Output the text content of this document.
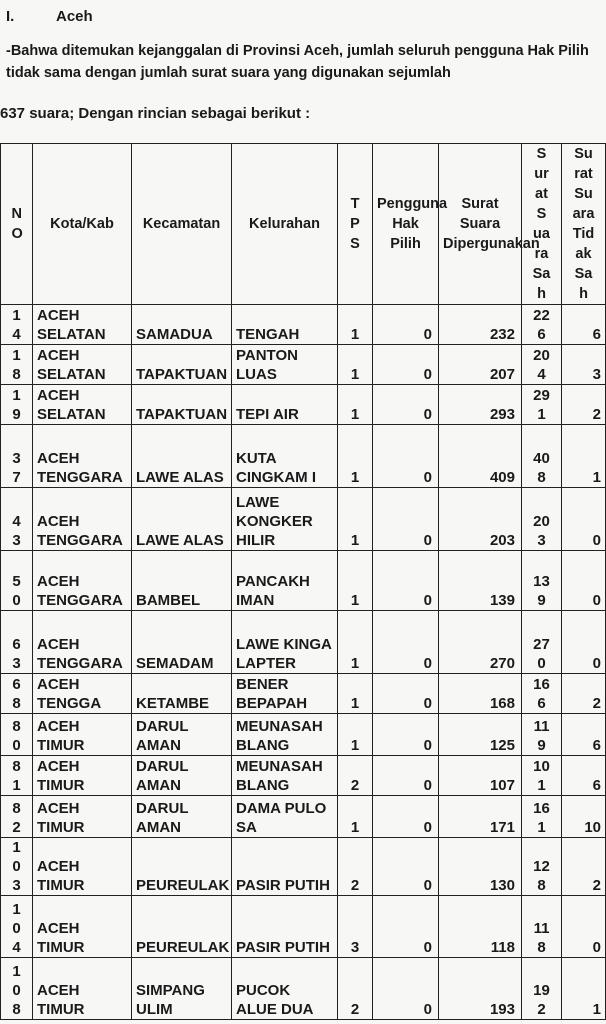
I.	Aceh
-Bahwa ditemukan kejanggalan di Provinsi Aceh, jumlah seluruh pengguna Hak Pilih tidak sama dengan jumlah surat suara yang digunakan sejumlah
637 suara; Dengan rincian sebagai berikut :
NO	Kota/Kab	Kecamatan	Kelurahan	TPS	Pengguna Hak Pilih	Surat Suara Dipergunakan	SuratSuaraSah	SuratSuaraTidakSah

14	ACEH SELATAN	SAMADUA	TENGAH	1	0	232	226	6

18	ACEH SELATAN	TAPAKTUAN	PANTON LUAS	1	0	207	204	3

19	ACEH SELATAN	TAPAKTUAN	TEPI AIR	1	0	293	291	2

37	ACEH TENGGARA	LAWE ALAS	KUTA CINGKAM I	1	0	409	408	1

43	ACEH TENGGARA	LAWE ALAS	LAWE KONGKER HILIR	1	0	203	203	0

50	ACEH TENGGARA	BAMBEL	PANCAKH IMAN	1	0	139	139	0

63	ACEH TENGGARA	SEMADAM	LAWE KINGA LAPTER	1	0	270	270	0

68	ACEH TENGGA	KETAMBE	BENER BEPAPAH	1	0	168	166	2

80	ACEH TIMUR	DARUL AMAN	MEUNASAH BLANG	1	0	125	119	6

81	ACEH TIMUR	DARUL AMAN	MEUNASAH BLANG	2	0	107	101	6

82	ACEH TIMUR	DARUL AMAN	DAMA PULO SA	1	0	171	161	10

103	ACEH TIMUR	PEUREULAK	PASIR PUTIH	2	0	130	128	2

104	ACEH TIMUR	PEUREULAK	PASIR PUTIH	3	0	118	118	0

108	ACEH TIMUR	SIMPANG ULIM	PUCOK ALUE DUA	2	0	193	192	1
